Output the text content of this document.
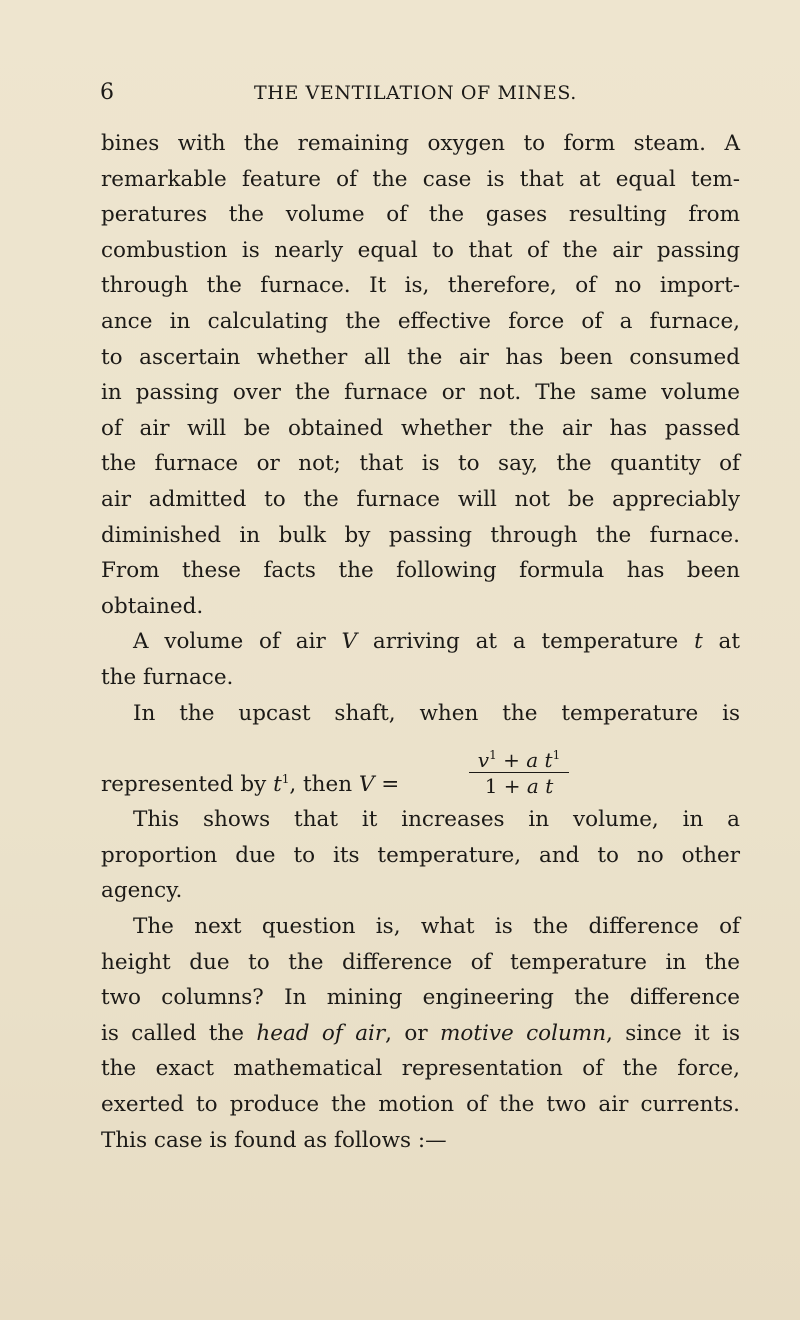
6	THE VENTILATION OF MINES.
bines with the remaining oxygen to form steam. A
remarkable feature of the case is that at equal tem-
peratures the volume of the gases resulting from
combustion is nearly equal to that of the air passing
through the furnace. It is, therefore, of no import-
ance in calculating the effective force of a furnace,
to ascertain whether all the air has been consumed
in passing over the furnace or not. The same volume
of air will be obtained whether the air has passed
the furnace or not; that is to say, the quantity of
air admitted to the furnace will not be appreciably
diminished in bulk by passing through the furnace.
From these facts the following formula has been
obtained.
A volume of air V arriving at a temperature t at
the furnace.
In the upcast shaft, when the temperature is
represented by $t^1$, then V =	$\frac{v^1 + a t^1}{\text{1 + a t}}$
This shows that it increases in volume, in a
proportion due to its temperature, and to no other
agency.
The next question is, what is the difference of
height due to the difference of temperature in the
two columns? In mining engineering the difference
is called the head of air, or motive column, since it is
the exact mathematical representation of the force,
exerted to produce the motion of the two air currents.
This case is found as follows :—
